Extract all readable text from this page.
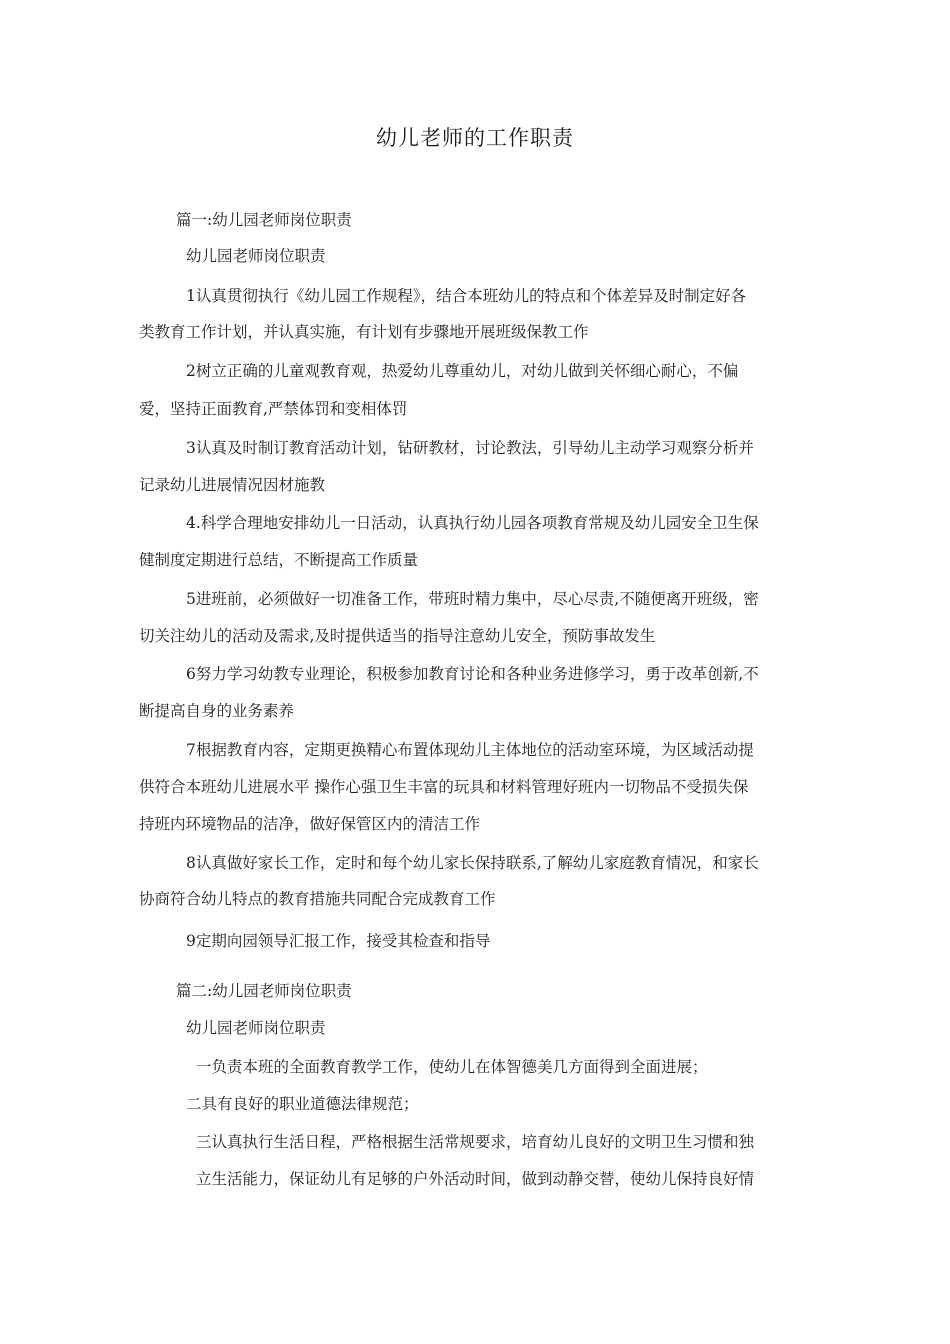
幼儿老师的工作职责
篇一:幼儿园老师岗位职责
幼儿园老师岗位职责
1认真贯彻执行《幼儿园工作规程》，结合本班幼儿的特点和个体差异及时制定好各
类教育工作计划，并认真实施，有计划有步骤地开展班级保教工作
2树立正确的儿童观教育观，热爱幼儿尊重幼儿，对幼儿做到关怀细心耐心，不偏
爱，坚持正面教育,严禁体罚和变相体罚
3认真及时制订教育活动计划，钻研教材，讨论教法，引导幼儿主动学习观察分析并
记录幼儿进展情况因材施教
4.科学合理地安排幼儿一日活动，认真执行幼儿园各项教育常规及幼儿园安全卫生保
健制度定期进行总结，不断提高工作质量
5进班前，必须做好一切准备工作，带班时精力集中，尽心尽责,不随便离开班级，密
切关注幼儿的活动及需求,及时提供适当的指导注意幼儿安全，预防事故发生
6努力学习幼教专业理论，积极参加教育讨论和各种业务进修学习，勇于改革创新,不
断提高自身的业务素养
7根据教育内容，定期更换精心布置体现幼儿主体地位的活动室环境，为区域活动提
供符合本班幼儿进展水平 操作心强卫生丰富的玩具和材料管理好班内一切物品不受损失保
持班内环境物品的洁净，做好保管区内的清洁工作
8认真做好家长工作，定时和每个幼儿家长保持联系,了解幼儿家庭教育情况，和家长
协商符合幼儿特点的教育措施共同配合完成教育工作
9定期向园领导汇报工作，接受其检查和指导
篇二:幼儿园老师岗位职责
幼儿园老师岗位职责
一负责本班的全面教育教学工作，使幼儿在体智德美几方面得到全面进展；
二具有良好的职业道德法律规范；
三认真执行生活日程，严格根据生活常规要求，培育幼儿良好的文明卫生习惯和独
立生活能力，保证幼儿有足够的户外活动时间，做到动静交替，使幼儿保持良好情
